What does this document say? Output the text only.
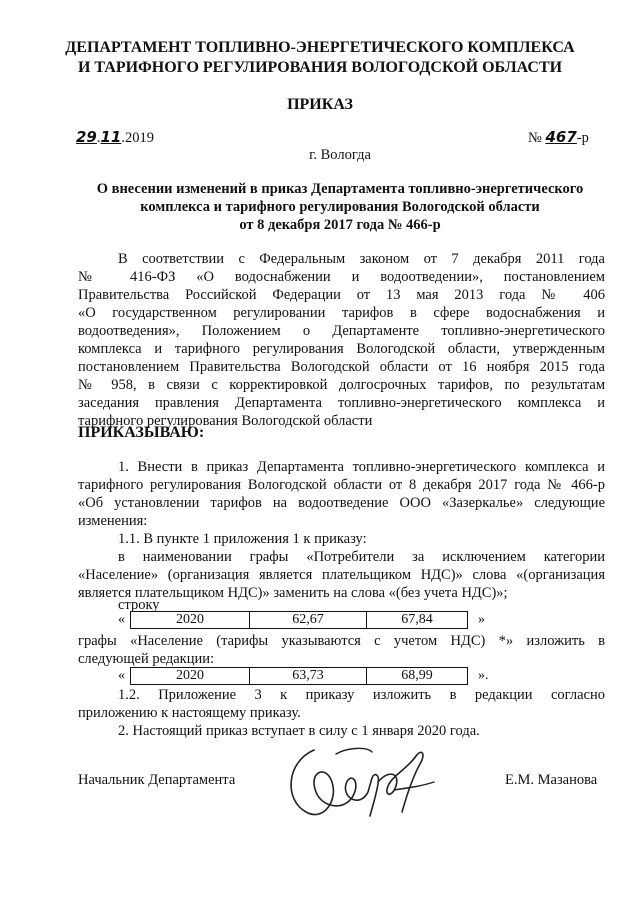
ДЕПАРТАМЕНТ ТОПЛИВНО-ЭНЕРГЕТИЧЕСКОГО КОМПЛЕКСА
И ТАРИФНОГО РЕГУЛИРОВАНИЯ ВОЛОГОДСКОЙ ОБЛАСТИ
ПРИКАЗ
29.11.2019	№ 467-р
г. Вологда
О внесении изменений в приказ Департамента топливно-энергетического
комплекса и тарифного регулирования Вологодской области
от 8 декабря 2017 года № 466-р
В соответствии с Федеральным законом от 7 декабря 2011 года
№ 416-ФЗ «О водоснабжении и водоотведении», постановлением
Правительства Российской Федерации от 13 мая 2013 года № 406
«О государственном регулировании тарифов в сфере водоснабжения и
водоотведения», Положением о Департаменте топливно-энергетического
комплекса и тарифного регулирования Вологодской области, утвержденным
постановлением Правительства Вологодской области от 16 ноября 2015 года
№ 958, в связи с корректировкой долгосрочных тарифов, по результатам
заседания правления Департамента топливно-энергетического комплекса и
тарифного регулирования Вологодской области
ПРИКАЗЫВАЮ:
1. Внести в приказ Департамента топливно-энергетического комплекса и
тарифного регулирования Вологодской области от 8 декабря 2017 года № 466-р
«Об установлении тарифов на водоотведение ООО «Зазеркалье» следующие
изменения:
1.1. В пункте 1 приложения 1 к приказу:
в наименовании графы «Потребители за исключением категории
«Население» (организация является плательщиком НДС)» слова «(организация
является плательщиком НДС)» заменить на слова «(без учета НДС)»;
строку
«	2020	62,67	67,84	»
графы «Население (тарифы указываются с учетом НДС) *» изложить в
следующей редакции:
«	2020	63,73	68,99	».
1.2. Приложение 3 к приказу изложить в редакции согласно
приложению к настоящему приказу.
2. Настоящий приказ вступает в силу с 1 января 2020 года.
Начальник Департамента	Е.М. Мазанова
